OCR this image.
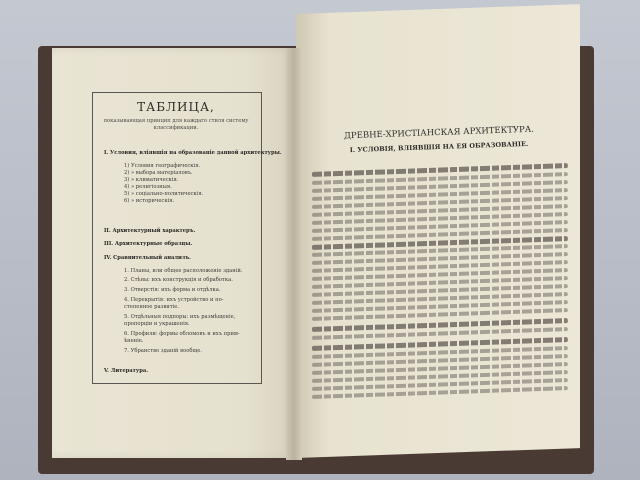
ТАБЛИЦА,
показывающая принцип для каждаго стиля систему классификации.
I. Условия, влiявшiя на образованiе данной архитектуры.
1) Условия географическiя.
2) » выбора матерiаловъ.
3) » климатическiя.
4) » религiозныя.
5) » соцiально-политическiя.
6) » историческiя.
II. Архитектурный характеръ.
III. Архитектурные образцы.
IV. Сравнительный анализъ.
1. Планы, или общее расположенiе зданiй.
2. Стѣны: ихъ конструкцiя и обработка.
3. Отверстiя: ихъ форма и отдѣлка.
4. Перекрытiя: ихъ устройство и по-
степенное развитiе.
5. Отдѣльныя подпоры: ихъ размѣщенiе,
пропорцiи и украшенiя.
6. Профили: формы обломовъ и ихъ прим-
ѣненiе.
7. Убранство зданiй вообще.
V. Литература.
ДРЕВНЕ-ХРИСТIАНСКАЯ АРХИТЕКТУРА.
I. УСЛОВIЯ, ВЛIЯВШIЯ НА ЕЯ ОБРАЗОВАНIЕ.
